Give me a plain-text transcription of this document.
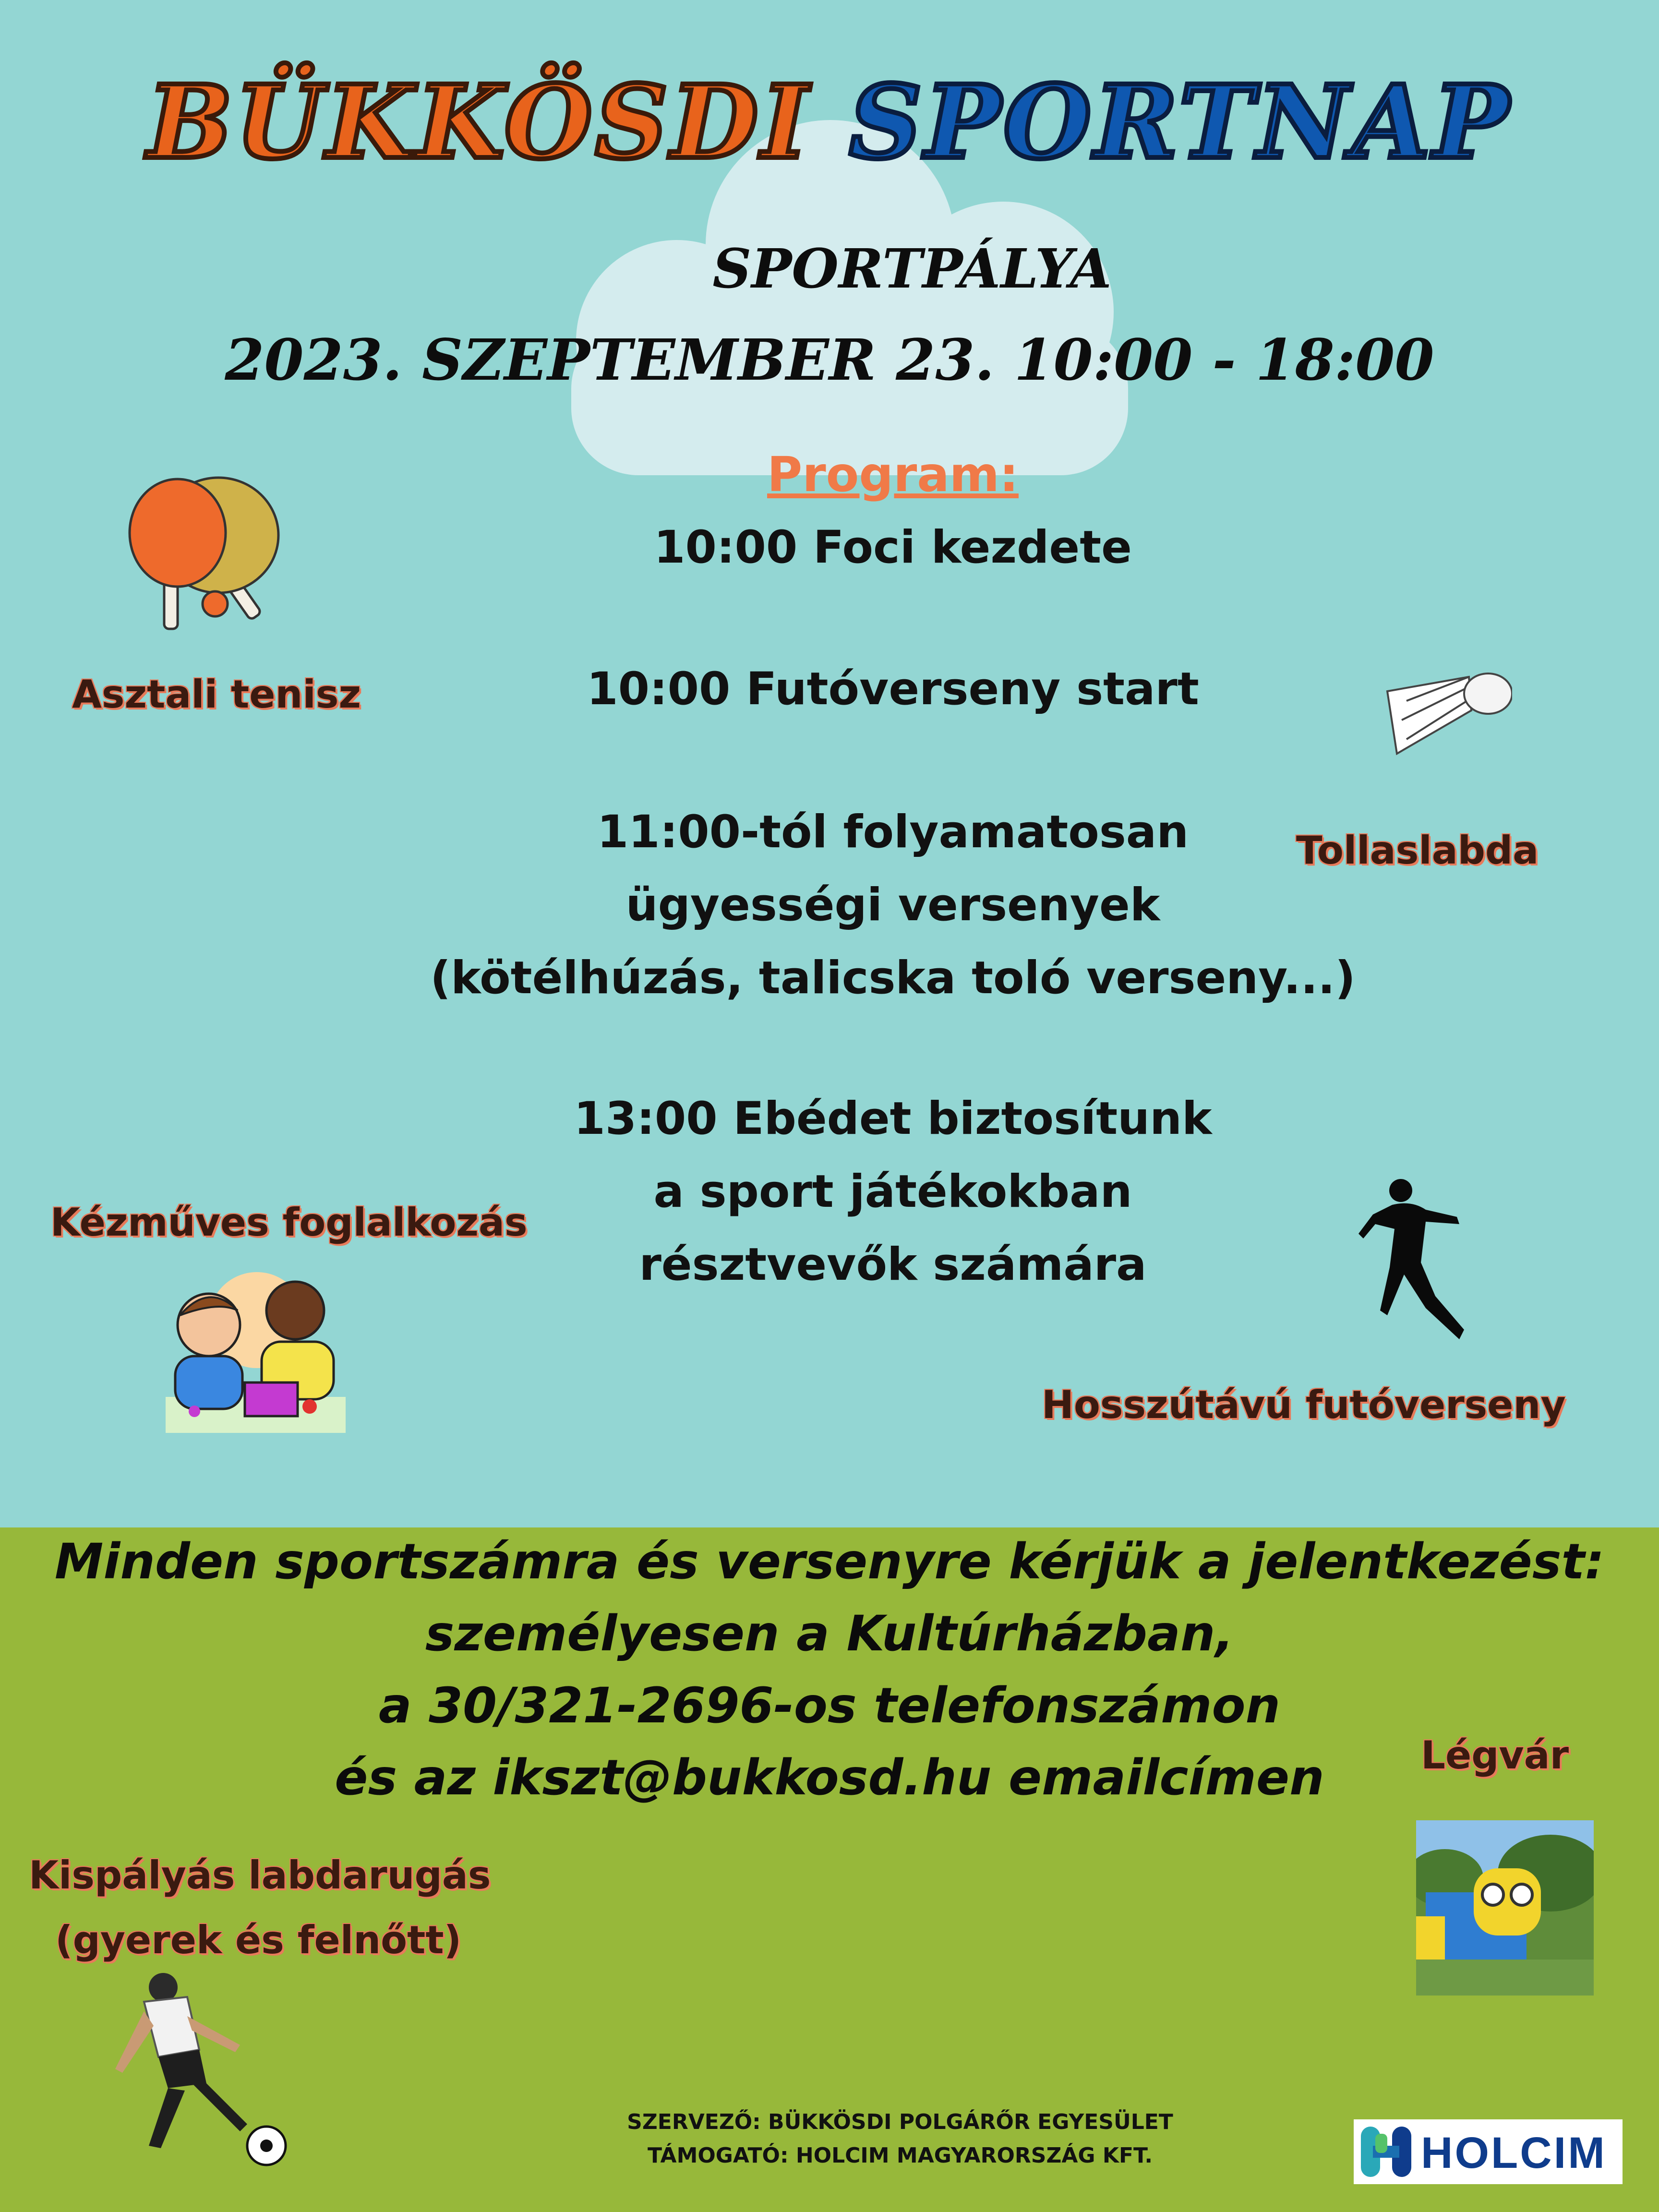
BÜKKÖSDI SPORTNAP
SPORTPÁLYA
2023. SZEPTEMBER 23. 10:00 - 18:00
Program:
10:00 Foci kezdete
10:00 Futóverseny start
11:00-tól folyamatosan
ügyességi versenyek
(kötélhúzás, talicska toló verseny...)
13:00 Ebédet biztosítunk
a sport játékokban
résztvevők számára
Asztali tenisz
Tollaslabda
Kézműves foglalkozás
Hosszútávú futóverseny
Minden sportszámra és versenyre kérjük a jelentkezést:
személyesen a Kultúrházban,
a 30/321-2696-os telefonszámon
és az ikszt@bukkosd.hu emailcímen	Légvár
Kispályás labdarugás
(gyerek és felnőtt)
SZERVEZŐ: BÜKKÖSDI POLGÁRŐR EGYESÜLET
TÁMOGATÓ: HOLCIM MAGYARORSZÁG KFT.	HOLCIM
